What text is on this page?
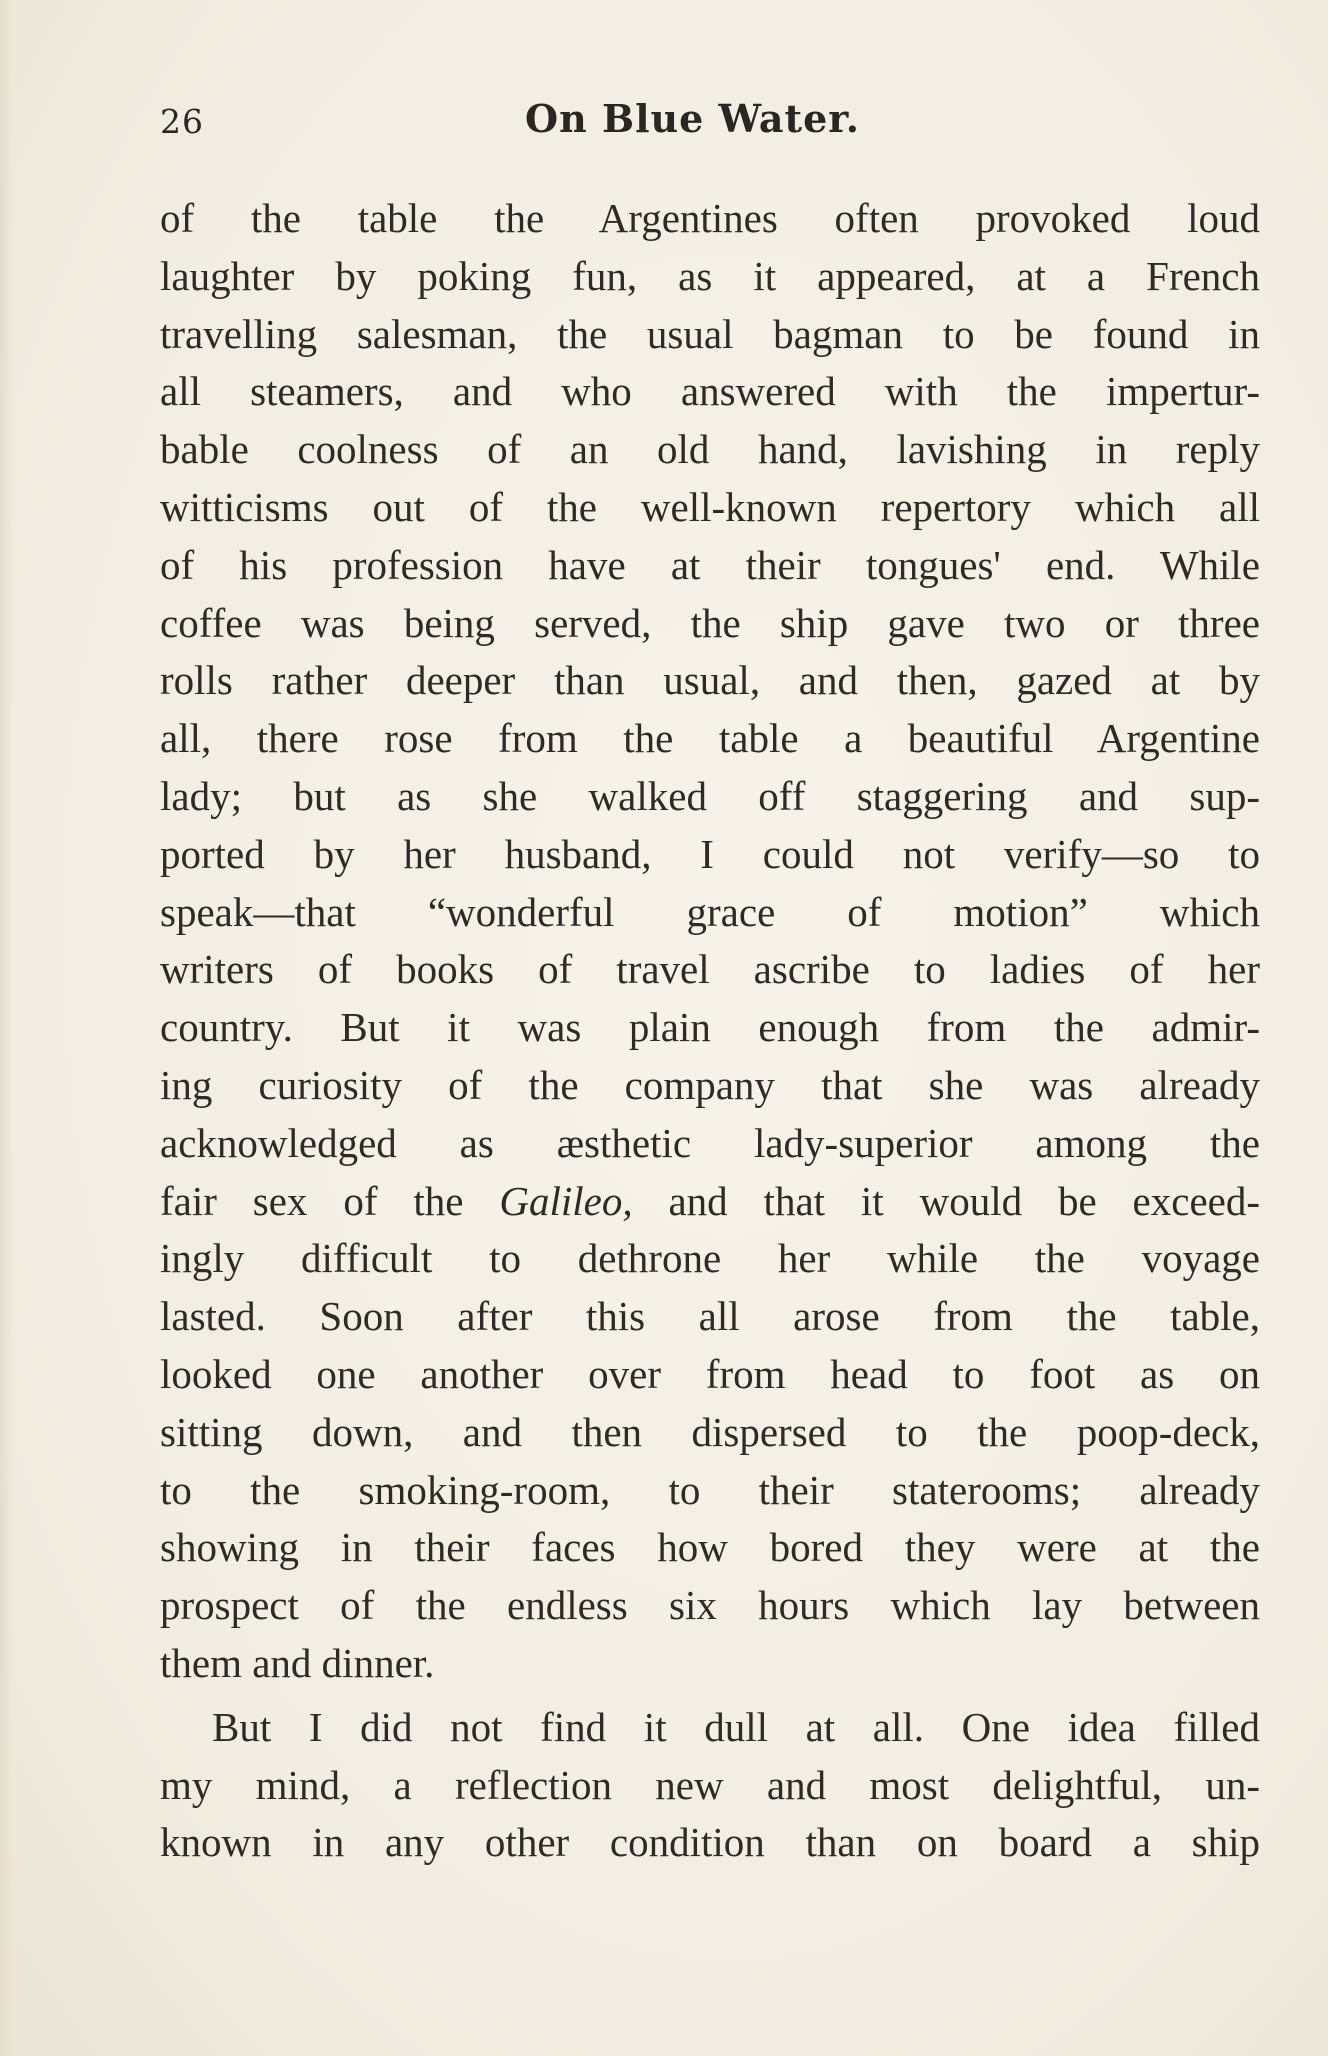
26	On Blue Water.
of the table the Argentines often provoked loud
laughter by poking fun, as it appeared, at a French
travelling salesman, the usual bagman to be found in
all steamers, and who answered with the impertur-
bable coolness of an old hand, lavishing in reply
witticisms out of the well-known repertory which all
of his profession have at their tongues' end. While
coffee was being served, the ship gave two or three
rolls rather deeper than usual, and then, gazed at by
all, there rose from the table a beautiful Argentine
lady; but as she walked off staggering and sup-
ported by her husband, I could not verify—so to
speak—that “wonderful grace of motion” which
writers of books of travel ascribe to ladies of her
country. But it was plain enough from the admir-
ing curiosity of the company that she was already
acknowledged as æsthetic lady-superior among the
fair sex of the Galileo, and that it would be exceed-
ingly difficult to dethrone her while the voyage
lasted. Soon after this all arose from the table,
looked one another over from head to foot as on
sitting down, and then dispersed to the poop-deck,
to the smoking-room, to their staterooms; already
showing in their faces how bored they were at the
prospect of the endless six hours which lay between
them and dinner.
But I did not find it dull at all. One idea filled
my mind, a reflection new and most delightful, un-
known in any other condition than on board a ship
